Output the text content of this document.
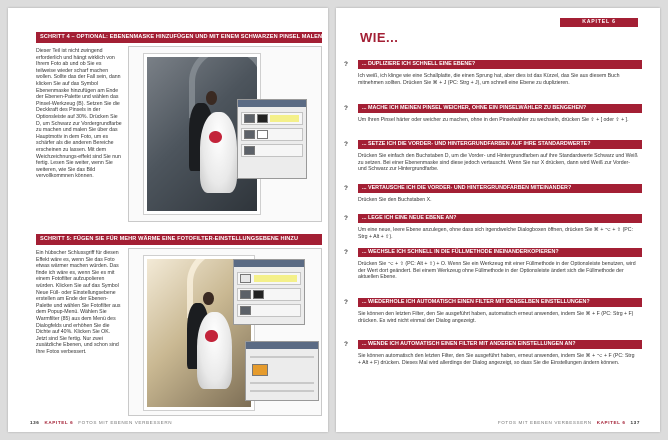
SCHRITT 4 – OPTIONAL: EBENENMASKE HINZUFÜGEN UND MIT EINEM SCHWARZEN PINSEL MALEN
Dieser Teil ist nicht zwingend erforderlich und hängt wirklich von Ihrem Foto ab und ob Sie es teilweise wieder scharf machen wollen. Sollte das der Fall sein, dann klicken Sie auf das Symbol Ebenenmaske hinzufügen am Ende der Ebenen-Palette und wählen das Pinsel-Werkzeug (B). Setzen Sie die Deckkraft des Pinsels in der Optionsleiste auf 30%. Drücken Sie D, um Schwarz zur Vordergrundfarbe zu machen und malen Sie über das Hauptmotiv in dem Foto, um es schärfer als die anderen Bereiche erscheinen zu lassen. Mit dem Weichzeichnungs-effekt sind Sie nun fertig. Lesen Sie weiter, wenn Sie weiteren, wie Sie das Bild vervollkommnen können.
SCHRITT 5: FÜGEN SIE FÜR MEHR WÄRME EINE FOTOFILTER-EINSTELLUNGSEBENE HINZU
Ein hübscher Schlussgriff für diesen Effekt wäre es, wenn Sie das Foto etwas wärmer machen würden. Das finde ich wäre es, wenn Sie es mit einem Fotofilter aufzupolieren würden. Klicken Sie auf das Symbol Neue Füll- oder Einstellungsebene erstellen am Ende der Ebenen-Palette und wählen Sie Fotofilter aus dem Popup-Menü. Wählen Sie Warmfilter (85) aus dem Menü des Dialogfelds und erhöhen Sie die Dichte auf 40%. Klicken Sie OK. Jetzt sind Sie fertig. Nur zwei zusätzliche Ebenen, und schon sind Ihre Fotos verbessert.
136 KAPITEL 6 FOTOS MIT EBENEN VERBESSERN
KAPITEL 6
WIE...
?	... DUPLIZIERE ICH SCHNELL EINE EBENE?
Ich weiß, ich klinge wie eine Schallplatte, die einen Sprung hat, aber dies ist das Kürzel, das Sie aus diesem Buch mitnehmen sollten. Drücken Sie ⌘ + J (PC: Strg + J), um schnell eine Ebene zu duplizieren.
?	... MACHE ICH MEINEN PINSEL WEICHER, OHNE EIN PINSELWÄHLER ZU BENGEHEN?
Um Ihren Pinsel härter oder weicher zu machen, ohne in den Pinselwähler zu wechseln, drücken Sie ⇧ + [ oder ⇧ + ].
?	... SETZE ICH DIE VORDER- UND HINTERGRUNDFARBEN AUF IHRE STANDARDWERTE?
Drücken Sie einfach den Buchstaben D, um die Vorder- und Hintergrundfarben auf ihre Standardwerte Schwarz und Weiß zu setzen. Bei einer Ebenenmaske sind diese jedoch vertauscht. Wenn Sie nur X drücken, dann wird Weiß zur Vorder- und Schwarz zur Hintergrundfarbe.
?	... VERTAUSCHE ICH DIE VORDER- UND HINTERGRUNDFARBEN MITEINANDER?
Drücken Sie den Buchstaben X.
?	... LEGE ICH EINE NEUE EBENE AN?
Um eine neue, leere Ebene anzulegen, ohne dass sich irgendwelche Dialogboxen öffnen, drücken Sie ⌘ + ⌥ + ⇧ (PC: Strg + Alt + ⇧).
?	... WECHSLE ICH SCHNELL IN DIE FÜLLMETHODE INEINANDERKOPIEREN?
Drücken Sie ⌥ + ⇧ (PC: Alt + ⇧) + O. Wenn Sie ein Werkzeug mit einer Füllmethode in der Optionsleiste benutzen, wird der Wert dort geändert. Bei einem Werkzeug ohne Füllmethode in der Optionsleiste ändert sich die Füllmethode der aktuellen Ebene.
?	... WIEDERHOLE ICH AUTOMATISCH EINEN FILTER MIT DENSELBEN EINSTELLUNGEN?
Sie können den letzten Filter, den Sie ausgeführt haben, automatisch erneut anwenden, indem Sie ⌘ + F (PC: Strg + F) drücken. Es wird nicht einmal der Dialog angezeigt.
?	... WENDE ICH AUTOMATISCH EINEN FILTER MIT ANDEREN EINSTELLUNGEN AN?
Sie können automatisch den letzten Filter, den Sie ausgeführt haben, erneut anwenden, indem Sie ⌘ + ⌥ + F (PC: Strg + Alt + F) drücken. Dieses Mal wird allerdings der Dialog angezeigt, so dass Sie die Einstellungen ändern können.
FOTOS MIT EBENEN VERBESSERN KAPITEL 6 137
